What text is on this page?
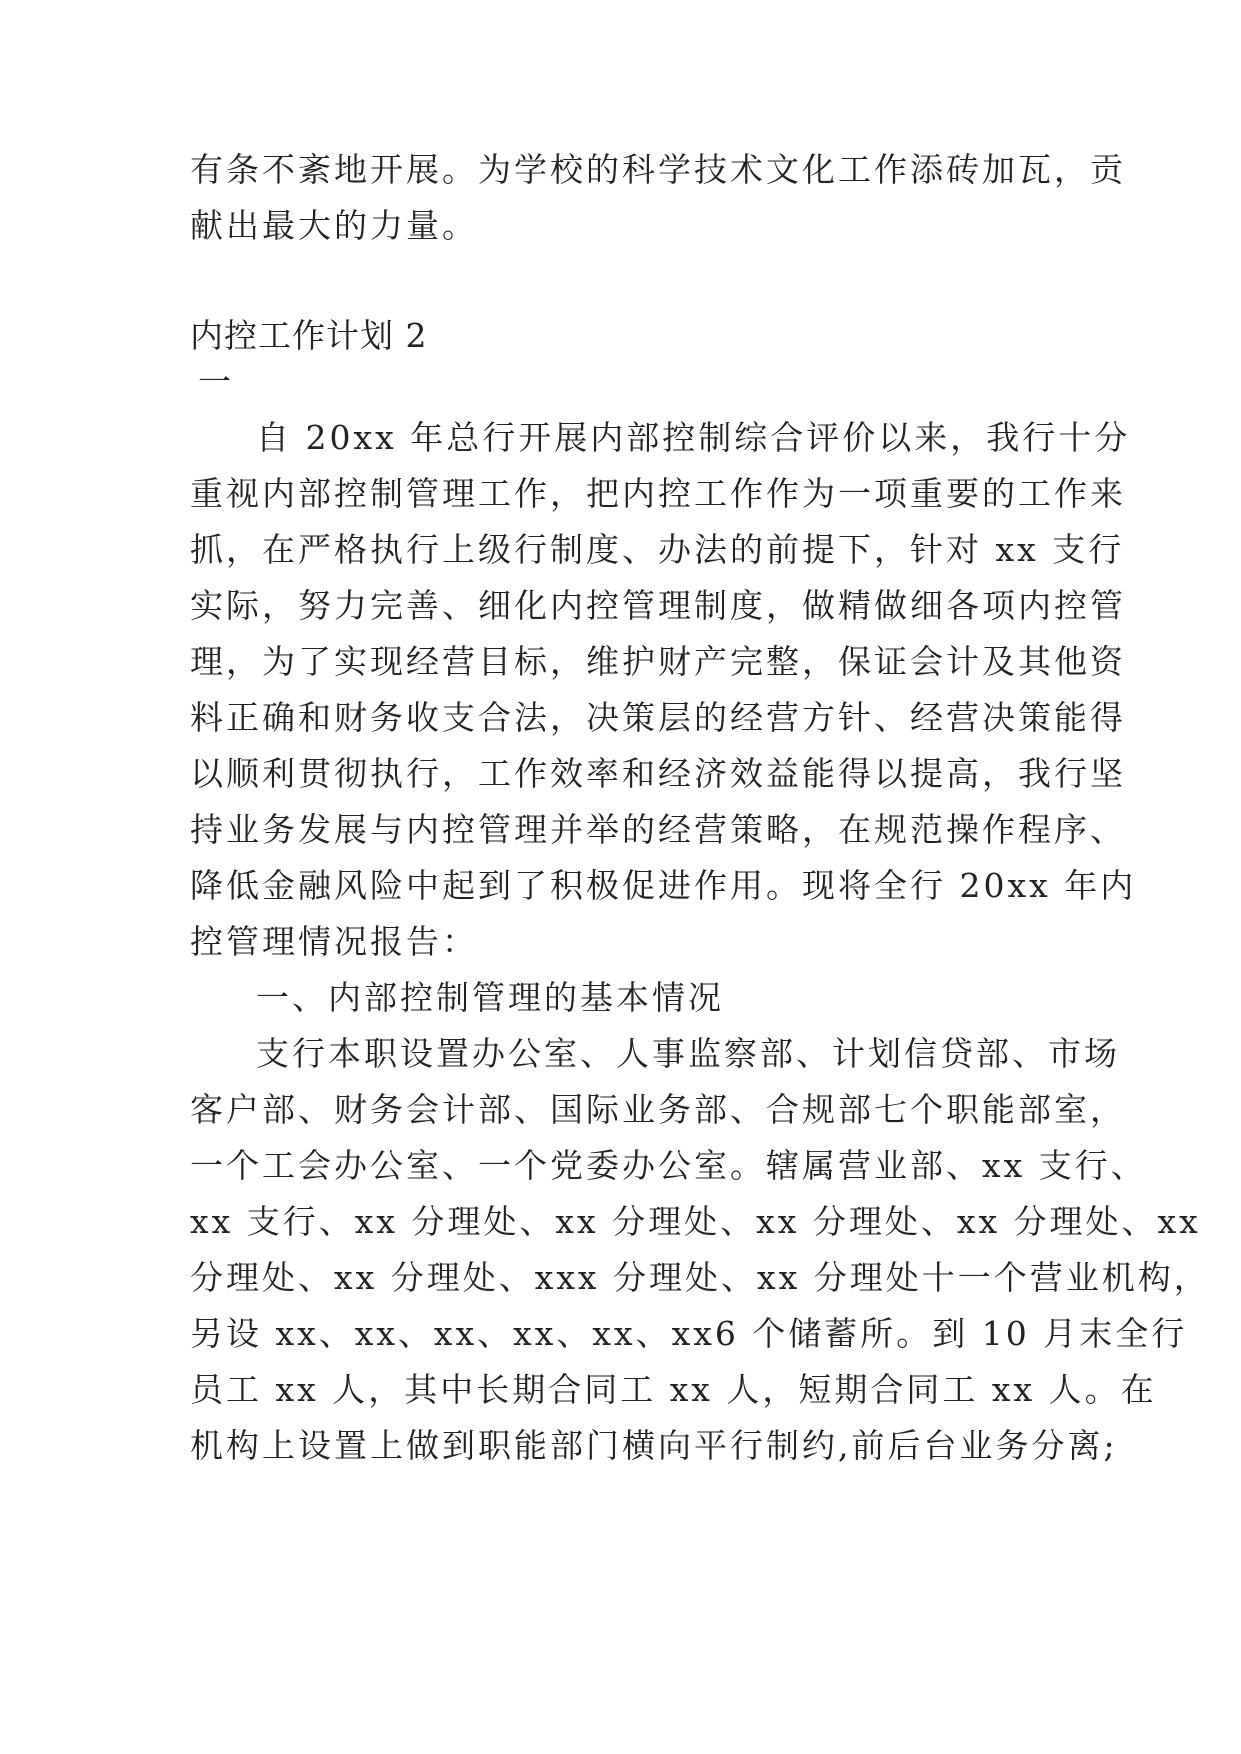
有条不紊地开展。为学校的科学技术文化工作添砖加瓦，贡
献出最大的力量。
内控工作计划 2
一
自 20xx 年总行开展内部控制综合评价以来，我行十分
重视内部控制管理工作，把内控工作作为一项重要的工作来
抓，在严格执行上级行制度、办法的前提下，针对 xx 支行
实际，努力完善、细化内控管理制度，做精做细各项内控管
理，为了实现经营目标，维护财产完整，保证会计及其他资
料正确和财务收支合法，决策层的经营方针、经营决策能得
以顺利贯彻执行，工作效率和经济效益能得以提高，我行坚
持业务发展与内控管理并举的经营策略，在规范操作程序、
降低金融风险中起到了积极促进作用。现将全行 20xx 年内
控管理情况报告：
一、内部控制管理的基本情况
支行本职设置办公室、人事监察部、计划信贷部、市场
客户部、财务会计部、国际业务部、合规部七个职能部室，
一个工会办公室、一个党委办公室。辖属营业部、xx 支行、
xx 支行、xx 分理处、xx 分理处、xx 分理处、xx 分理处、xx
分理处、xx 分理处、xxx 分理处、xx 分理处十一个营业机构，
另设 xx、xx、xx、xx、xx、xx6 个储蓄所。到 10 月末全行
员工 xx 人，其中长期合同工 xx 人，短期合同工 xx 人。在
机构上设置上做到职能部门横向平行制约,前后台业务分离;
